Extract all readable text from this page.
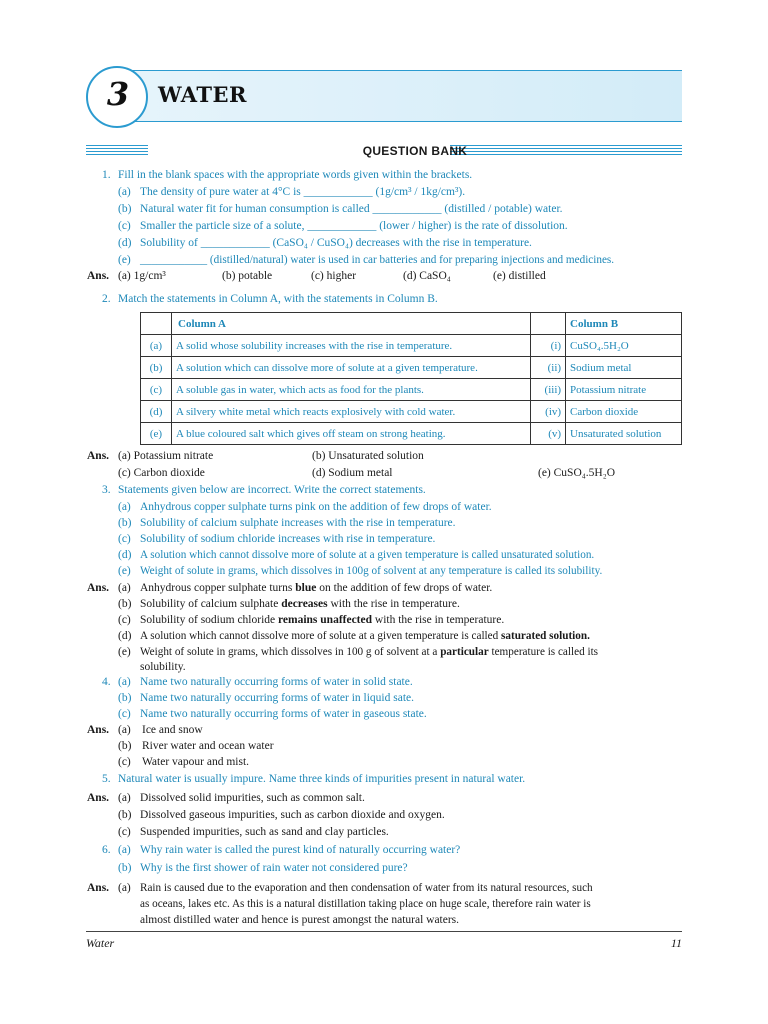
3	WATER
QUESTION BANK
1. Fill in the blank spaces with the appropriate words given within the brackets.
(a) The density of pure water at 4°C is ____________ (1g/cm³ / 1kg/cm³).
(b) Natural water fit for human consumption is called ____________ (distilled / potable) water.
(c) Smaller the particle size of a solute, ____________ (lower / higher) is the rate of dissolution.
(d) Solubility of ____________ (CaSO₄ / CuSO₄) decreases with the rise in temperature.
(e) ____________ (distilled/natural) water is used in car batteries and for preparing injections and medicines.
Ans. (a) 1g/cm³	(b) potable	(c) higher	(d) CaSO₄	(e) distilled
2. Match the statements in Column A, with the statements in Column B.
	Column A		Column B
(a)	A solid whose solubility increases with the rise in temperature.	(i)	CuSO₄.5H₂O
(b)	A solution which can dissolve more of solute at a given temperature.	(ii)	Sodium metal
(c)	A soluble gas in water, which acts as food for the plants.	(iii)	Potassium nitrate
(d)	A silvery white metal which reacts explosively with cold water.	(iv)	Carbon dioxide
(e)	A blue coloured salt which gives off steam on strong heating.	(v)	Unsaturated solution
Ans. (a) Potassium nitrate	(b) Unsaturated solution
(c) Carbon dioxide	(d) Sodium metal	(e) CuSO₄.5H₂O
3. Statements given below are incorrect. Write the correct statements.
(a) Anhydrous copper sulphate turns pink on the addition of few drops of water.
(b) Solubility of calcium sulphate increases with the rise in temperature.
(c) Solubility of sodium chloride increases with rise in temperature.
(d) A solution which cannot dissolve more of solute at a given temperature is called unsaturated solution.
(e) Weight of solute in grams, which dissolves in 100g of solvent at any temperature is called its solubility.
Ans. (a) Anhydrous copper sulphate turns blue on the addition of few drops of water.
(b) Solubility of calcium sulphate decreases with the rise in temperature.
(c) Solubility of sodium chloride remains unaffected with the rise in temperature.
(d) A solution which cannot dissolve more of solute at a given temperature is called saturated solution.
(e) Weight of solute in grams, which dissolves in 100 g of solvent at a particular temperature is called its
solubility.
4. (a) Name two naturally occurring forms of water in solid state.
(b) Name two naturally occurring forms of water in liquid sate.
(c) Name two naturally occurring forms of water in gaseous state.
Ans. (a) Ice and snow
(b) River water and ocean water
(c) Water vapour and mist.
5. Natural water is usually impure. Name three kinds of impurities present in natural water.
Ans. (a) Dissolved solid impurities, such as common salt.
(b) Dissolved gaseous impurities, such as carbon dioxide and oxygen.
(c) Suspended impurities, such as sand and clay particles.
6. (a) Why rain water is called the purest kind of naturally occurring water?
(b) Why is the first shower of rain water not considered pure?
Ans. (a) Rain is caused due to the evaporation and then condensation of water from its natural resources, such
as oceans, lakes etc. As this is a natural distillation taking place on huge scale, therefore rain water is
almost distilled water and hence is purest amongst the natural waters.
Water	11
